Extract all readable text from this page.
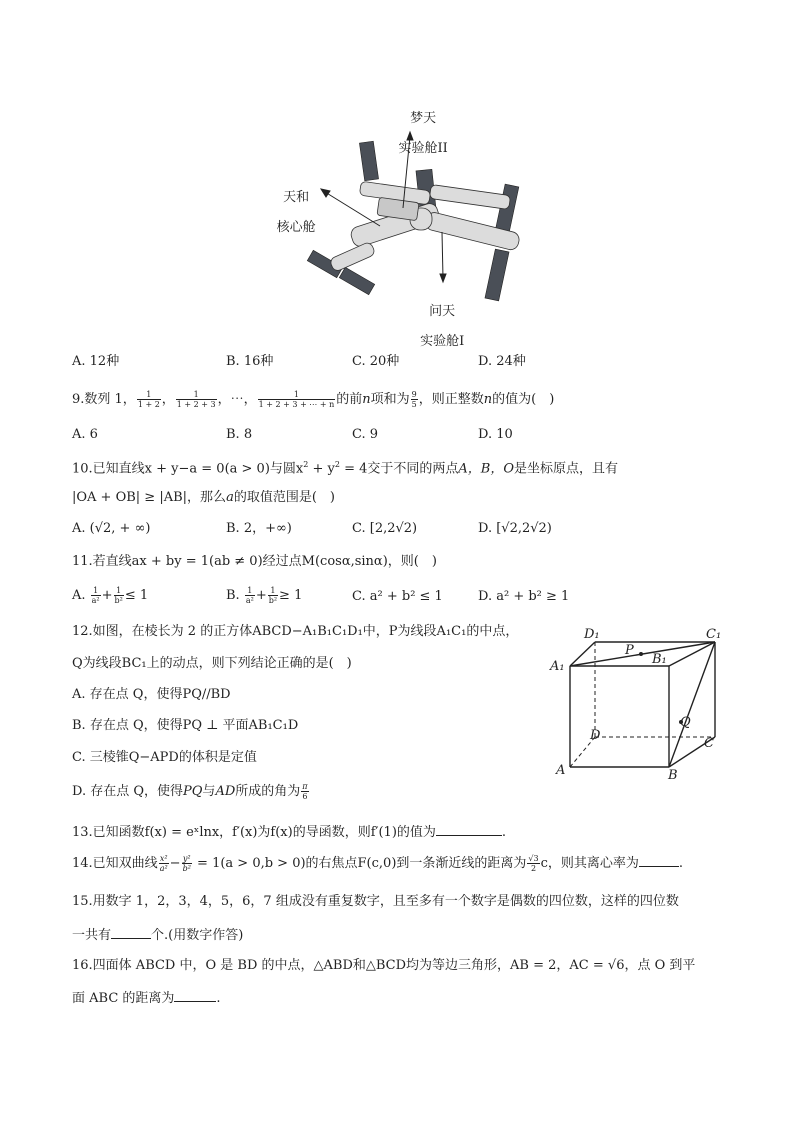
梦天

实验舱II

天和

核心舱

问天

实验舱I

A. 12种	B. 16种	C. 20种	D. 24种
9.数列 1， $\frac{1}{1 + 2}$ ， $\frac{1}{1 + 2 + 3}$ ，⋯， $\frac{1}{1 + 2 + 3 + \cdots + n}$ 的前n项和为 $\frac{9}{5}$ ，则正整数n的值为(　)
A. 6	B. 8	C. 9	D. 10
10.已知直线x + y−a = 0(a > 0)与圆$x^2 + y^2 = 4$交于不同的两点A，B，O是坐标原点，且有
|OA + OB| ≥ |AB|，那么a的取值范围是(　)
A. (√2, + ∞)	B. 2，+∞)	C. [2,2√2)	D. [√2,2√2)
11.若直线ax + by = 1(ab ≠ 0)经过点M(cosα,sinα)，则(　)
A. $\frac{1}{\text{a²}} + \frac{1}{\text{b²}} \le 1$	B. $\frac{1}{\text{a²}} + \frac{1}{\text{b²}} \ge 1$	C. a² + b² ≤ 1	D. a² + b² ≥ 1
12.如图，在棱长为 2 的正方体ABCD−A₁B₁C₁D₁中，P为线段A₁C₁的中点，
Q为线段BC₁上的动点，则下列结论正确的是(　)
A. 存在点 Q，使得PQ//BD
B. 存在点 Q，使得PQ ⊥ 平面AB₁C₁D
C. 三棱锥Q−APD的体积是定值
D. 存在点 Q，使得PQ与AD所成的角为 $\frac{\pi}{6}$
D₁	C₁
A₁	B₁
P
Q
D
C
A	B
13.已知函数f(x) = eˣlnx，f′(x)为f(x)的导函数，则f′(1)的值为	.
14.已知双曲线 $\frac{\text{x²}}{\text{a²}} - \frac{\text{y²}}{\text{b²}} = 1(a > 0,b > 0)$的右焦点F(c,0)到一条渐近线的距离为 $\frac{√3}{2}$ c，则其离心率为	.
15.用数字 1，2，3，4，5，6，7 组成没有重复数字，且至多有一个数字是偶数的四位数，这样的四位数
一共有	个.(用数字作答)
16.四面体 ABCD 中，O 是 BD 的中点，△ABD和△BCD均为等边三角形，AB = 2，AC = √6，点 O 到平
面 ABC 的距离为	.
